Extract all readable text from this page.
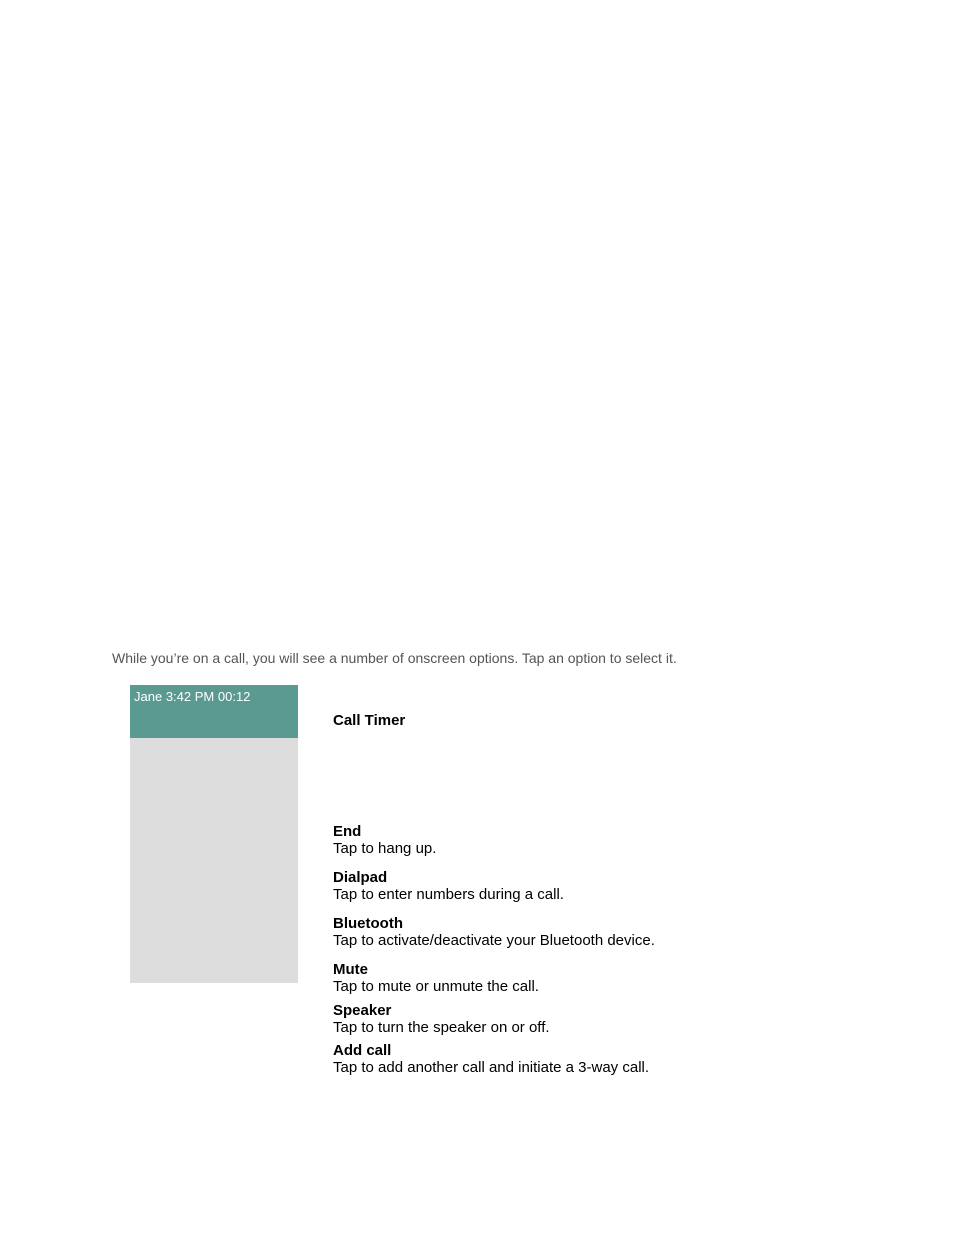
While you’re on a call, you will see a number of onscreen options. Tap an option to select it.
Jane 3:42 PM 00:12
Call Timer
End
Tap to hang up.
Dialpad
Tap to enter numbers during a call.
Bluetooth
Tap to activate/deactivate your Bluetooth device.
Mute
Tap to mute or unmute the call.
Speaker
Tap to turn the speaker on or off.
Add call
Tap to add another call and initiate a 3-way call.
